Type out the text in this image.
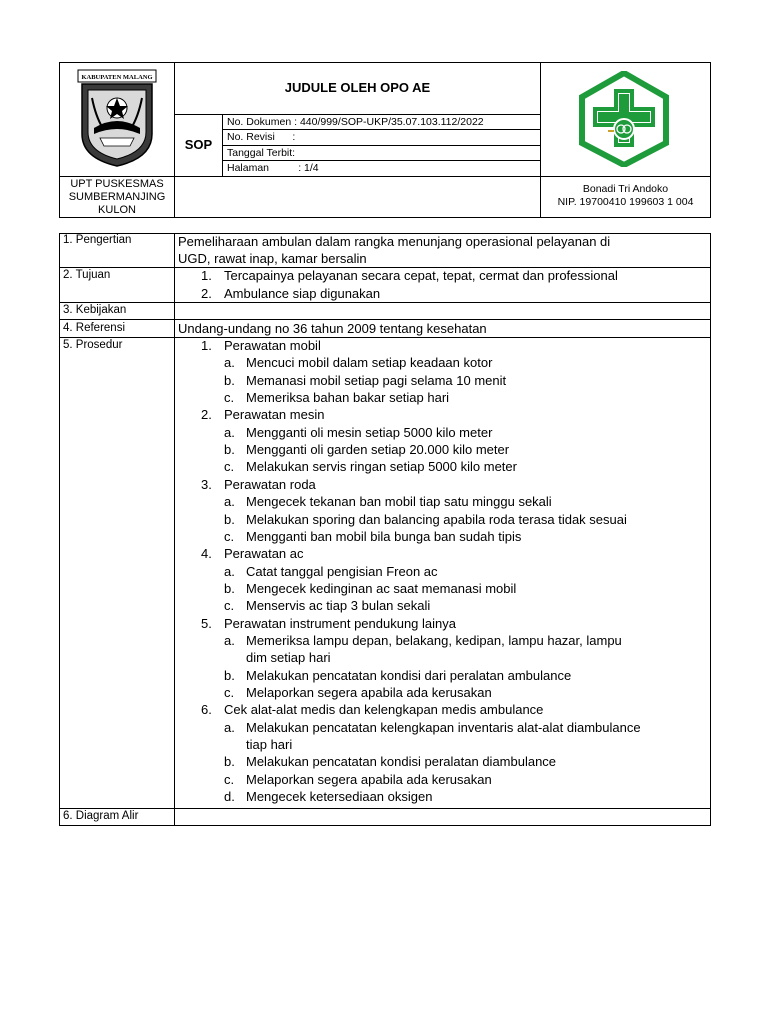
KABUPATEN MALANG
JUDULE OLEH OPO AE
SOP
No. Dokumen : 440/999/SOP-UKP/35.07.103.112/2022
No. Revisi      :
Tanggal Terbit:
Halaman          : 1/4
UPT PUSKESMAS
SUMBERMANJING
KULON
Bonadi Tri Andoko
NIP. 19700410 199603 1 004
1. Pengertian
2. Tujuan
3. Kebijakan
4. Referensi
5. Prosedur
6. Diagram Alir
Pemeliharaan ambulan dalam rangka menunjang operasional pelayanan di
UGD, rawat inap, kamar bersalin
1. Tercapainya pelayanan secara cepat, tepat, cermat dan professional
2. Ambulance siap digunakan
Undang-undang no 36 tahun 2009 tentang kesehatan
1. Perawatan mobil
a. Mencuci mobil dalam setiap keadaan kotor
b. Memanasi mobil setiap pagi selama 10 menit
c. Memeriksa bahan bakar setiap hari
2. Perawatan mesin
a. Mengganti oli mesin setiap 5000 kilo meter
b. Mengganti oli garden setiap 20.000 kilo meter
c. Melakukan servis ringan setiap 5000 kilo meter
3. Perawatan roda
a. Mengecek tekanan ban mobil tiap satu minggu sekali
b. Melakukan sporing dan balancing apabila roda terasa tidak sesuai
c. Mengganti ban mobil bila bunga ban sudah tipis
4. Perawatan ac
a. Catat tanggal pengisian Freon ac
b. Mengecek kedinginan ac saat memanasi mobil
c. Menservis ac tiap 3 bulan sekali
5. Perawatan instrument pendukung lainya
a. Memeriksa lampu depan, belakang, kedipan, lampu hazar, lampu
dim setiap hari
b. Melakukan pencatatan kondisi dari peralatan ambulance
c. Melaporkan segera apabila ada kerusakan
6. Cek alat-alat medis dan kelengkapan medis ambulance
a. Melakukan pencatatan kelengkapan inventaris alat-alat diambulance
tiap hari
b. Melakukan pencatatan kondisi peralatan diambulance
c. Melaporkan segera apabila ada kerusakan
d. Mengecek ketersediaan oksigen
